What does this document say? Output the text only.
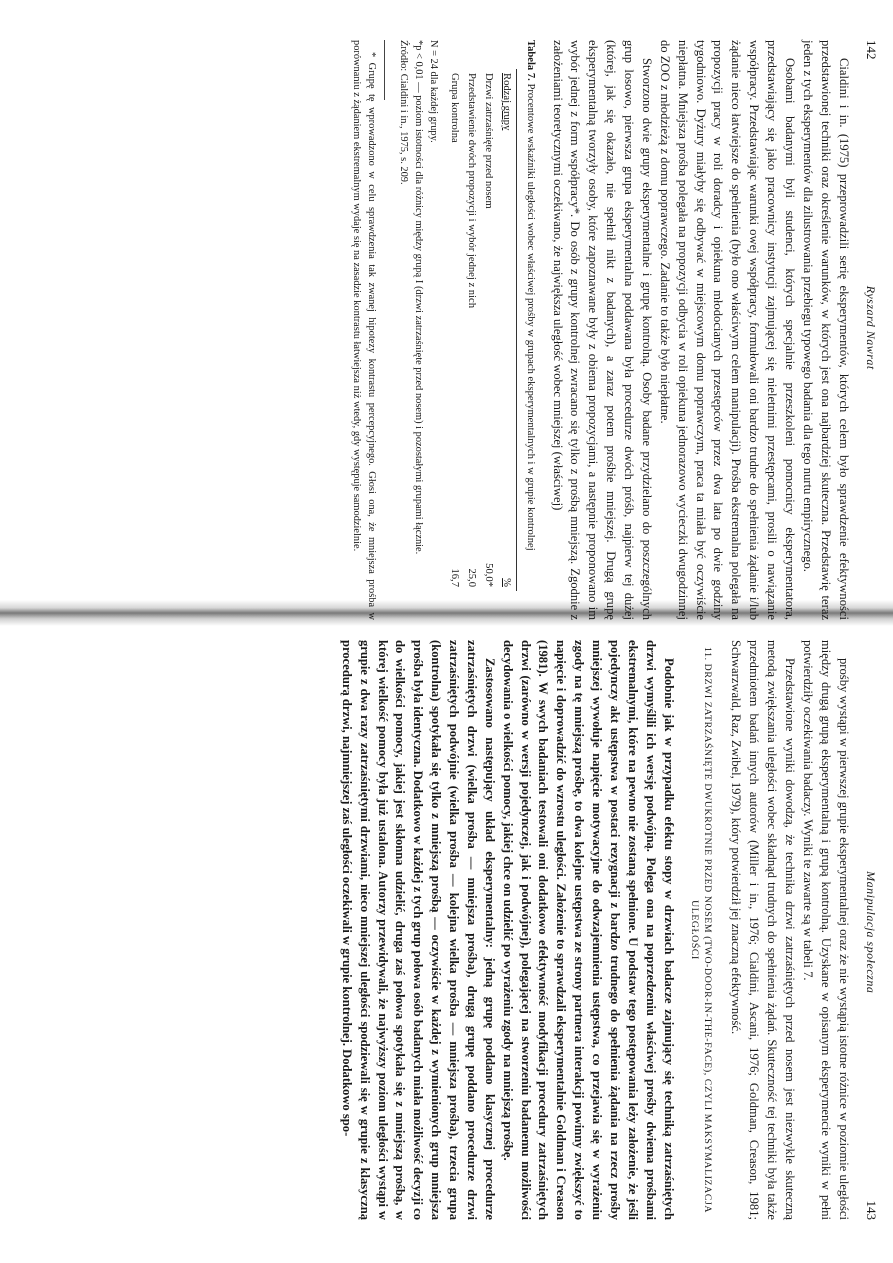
142
Ryszard Nawrat

Cialdini i in. (1975) przeprowadzili serię eksperymentów, których celem było sprawdzenie efektywności przedstawionej techniki oraz określenie warunków, w których jest ona najbardziej skuteczna. Przedstawię teraz jeden z tych eksperymentów dla zilustrowania przebiegu typowego badania dla tego nurtu empirycznego.

Osobami badanymi byli studenci, których specjalnie przeszkoleni pomocnicy eksperymentatora, przedstawiający się jako pracownicy instytucji zajmującej się nieletnimi przestępcami, prosili o nawiązanie współpracy. Przedstawiając warunki owej współpracy, formułowali oni bardzo trudne do spełnienia żądanie i/lub żądanie nieco łatwiejsze do spełnienia (było ono właściwym celem manipulacji). Prośba ekstremalna polegała na propozycji pracy w roli doradcy i opiekuna młodocianych przestępców przez dwa lata po dwie godziny tygodniowo. Dyżury miałyby się odbywać w miejscowym domu poprawczym, praca ta miała być oczywiście niepłatna. Mniejsza prośba polegała na propozycji odbycia w roli opiekuna jednorazowo wycieczki dwugodzinnej do ZOO z młodzieżą z domu poprawczego. Zadanie to także było niepłatne.

Stworzono dwie grupy eksperymentalne i grupę kontrolną. Osoby badane przydzielano do poszczególnych grup losowo, pierwsza grupa eksperymentalna poddawana była procedurze dwóch próśb, najpierw tej dużej (której, jak się okazało, nie spełnił nikt z badanych), a zaraz potem prośbie mniejszej. Drugą grupę eksperymentalną tworzyły osoby, które zapoznawane były z obiema propozycjami, a następnie proponowano im wybór jednej z form współpracy*. Do osób z grupy kontrolnej zwracano się tylko z prośbą mniejszą. Zgodnie z założeniami teoretycznymi oczekiwano, że największa uległość wobec mniejszej (właściwej)

Tabela 7. Procentowe wskaźniki uległości wobec właściwej prośby w grupach eksperymentalnych i w grupie kontrolnej

Rodzaj grupy	%
Drzwi zatrzaśnięte przed nosem	50,0*
Przedstawienie dwóch propozycji i wybór jednej z nich	25,0
Grupa kontrolna	16,7

N = 24 dla każdej grupy.

*p < 0,01 — poziom istotności dla różnicy między grupą I (drzwi zatrzaśnięte przed nosem) i pozostałymi grupami łącznie.

Źródło: Cialdini i in., 1975, s. 209.

* Grupę tę wprowadzono w celu sprawdzenia tak zwanej hipotezy kontrastu percepcyjnego. Głosi ona, że mniejsza prośba w porównaniu z żądaniem ekstremalnym wydaje się na zasadzie kontrastu łatwiejsza niż wtedy, gdy występuje samodzielnie.

Manipulacja społeczna
143

prośby wystąpi w pierwszej grupie eksperymentalnej oraz że nie wystąpią istotne różnice w poziomie uległości między drugą grupą eksperymentalną i grupą kontrolną. Uzyskane w opisanym eksperymencie wyniki w pełni potwierdziły oczekiwania badaczy. Wyniki te zawarte są w tabeli 7.

Przedstawione wyniki dowodzą, że technika drzwi zatrzaśniętych przed nosem jest niezwykle skuteczną metodą zwiększania uległości wobec składnąd trudnych do spełnienia żądań. Skuteczność tej techniki była także przedmiotem badań innych autorów (Miller i in., 1976; Cialdini, Ascani, 1976; Goldman, Creason, 1981; Schwarzwald, Raz, Zwibel, 1979), który potwierdził jej znaczną efektywność.

11. DRZWI ZATRZAŚNIĘTE DWUKROTNIE PRZED NOSEM (TWO-DOOR-IN-THE-FACE), CZYLI MAKSYMALIZACJA ULEGŁOŚCI

Podobnie jak w przypadku efektu stopy w drzwiach badacze zajmujący się techniką zatrzaśniętych drzwi wymyślili ich wersję podwójną. Polega ona na poprzedzeniu właściwej prośby dwiema prośbami ekstremalnymi, które na pewno nie zostaną spełnione. U podstaw tego postępowania leży założenie, że jeśli pojedynczy akt ustępstwa w postaci rezygnacji z bardzo trudnego do spełnienia żądania na rzecz prośby mniejszej wywołuje napięcie motywacyjne do odwzajemnienia ustępstwa, co przejawia się w wyrażeniu zgody na tę mniejszą prośbę, to dwa kolejne ustępstwa ze strony partnera interakcji powinny zwiększyć to napięcie i doprowadzić do wzrostu uległości. Założenie to sprawdzali eksperymentalnie Goldman i Creason (1981). W swych badaniach testowali oni dodatkowo efektywność modyfikacji procedury zatrzaśniętych drzwi (zarówno w wersji pojedynczej, jak i podwójnej), polegającej na stworzeniu badanemu możliwości decydowania o wielkości pomocy, jakiej chce on udzielić po wyrażeniu zgody na mniejszą prośbę.

Zastosowano następujący układ eksperymentalny: jedną grupę poddano klasycznej procedurze zatrzaśniętych drzwi (wielka prośba — mniejsza prośba), drugą grupę poddano procedurze drzwi zatrzaśniętych podwójnie (wielka prośba — kolejna wielka prośba — mniejsza prośba), trzecia grupa (kontrolna) spotykała się tylko z mniejszą prośbą — oczywiście w każdej z wymienionych grup mniejsza prośba była identyczna. Dodatkowo w każdej z tych grup połowa osób badanych miała możliwość decyzji co do wielkości pomocy, jakiej jest skłonna udzielić, druga zaś połowa spotykała się z mniejszą prośbą, w której wielkość pomocy była już ustalona. Autorzy przewidywali, że najwyższy poziom uległości wystąpi w grupie z dwa razy zatrzaśniętymi drzwiami, nieco mniejszej uległości spodziewali się w grupie z klasyczną procedurą drzwi, najmniejszej zaś uległości oczekiwali w grupie kontrolnej. Dodatkowo spo-
